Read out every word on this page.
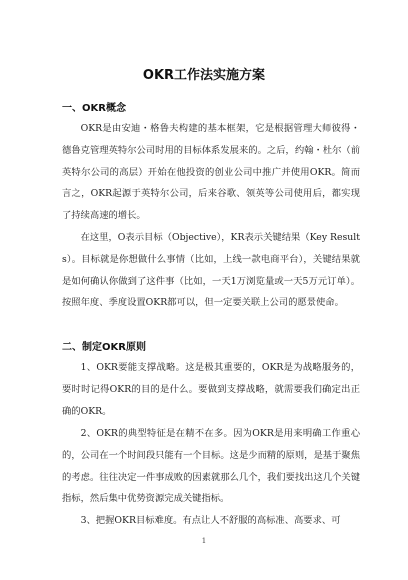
OKR工作法实施方案
一、OKR概念

OKR是由安迪・格鲁夫构建的基本框架，它是根据管理大师彼得・德鲁克管理英特尔公司时用的目标体系发展来的。之后，约翰・杜尔（前英特尔公司的高层）开始在他投资的创业公司中推广并使用OKR。简而言之，OKR起源于英特尔公司，后来谷歌、领英等公司使用后，都实现了持续高速的增长。

在这里，O表示目标（Objective），KR表示关键结果（Key Results）。目标就是你想做什么事情（比如，上线一款电商平台），关键结果就是如何确认你做到了这件事（比如，一天1万浏览量或一天5万元订单）。按照年度、季度设置OKR都可以，但一定要关联上公司的愿景使命。

二、制定OKR原则

1、OKR要能支撑战略。这是极其重要的，OKR是为战略服务的，要时时记得OKR的目的是什么。要做到支撑战略，就需要我们确定出正确的OKR。

2、OKR的典型特征是在精不在多。因为OKR是用来明确工作重心的，公司在一个时间段只能有一个目标。这是少而精的原则，是基于聚焦的考虑。往往决定一件事成败的因素就那么几个，我们要找出这几个关键指标，然后集中优势资源完成关键指标。

3、把握OKR目标难度。有点让人不舒服的高标准、高要求、可

1
